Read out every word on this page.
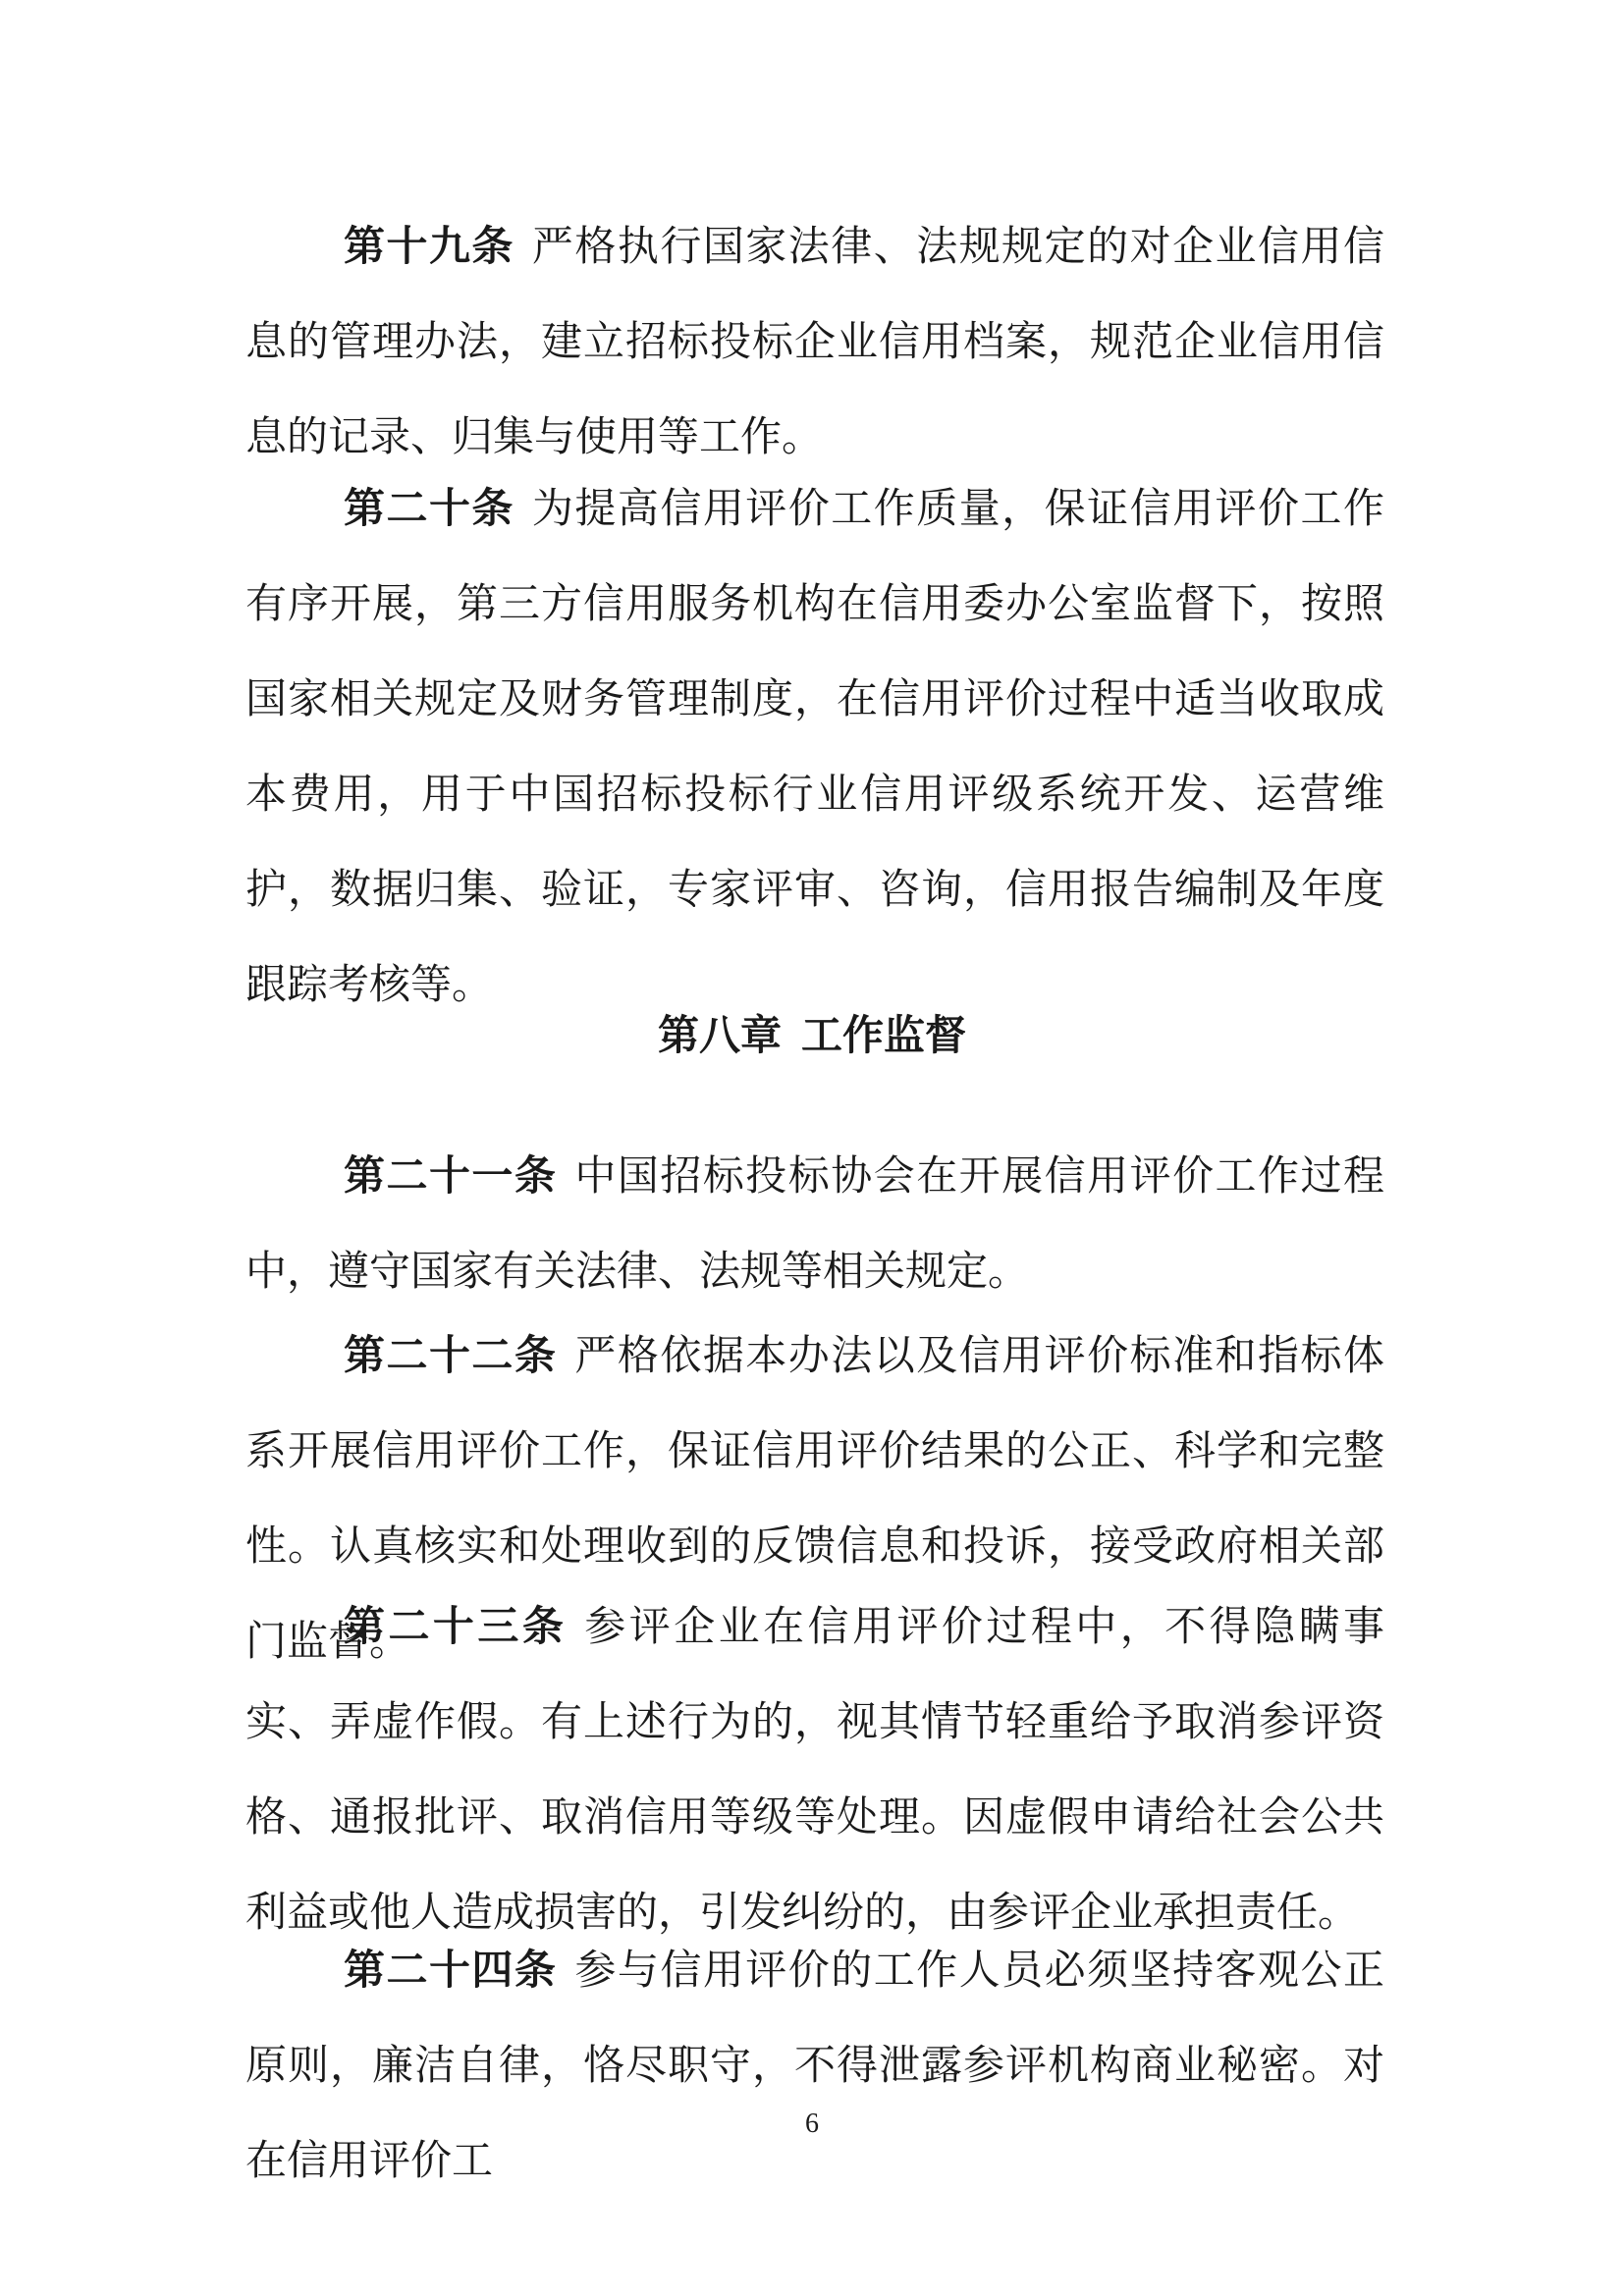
第十九条 严格执行国家法律、法规规定的对企业信用信息的管理办法，建立招标投标企业信用档案，规范企业信用信息的记录、归集与使用等工作。

第二十条 为提高信用评价工作质量，保证信用评价工作有序开展，第三方信用服务机构在信用委办公室监督下，按照国家相关规定及财务管理制度，在信用评价过程中适当收取成本费用，用于中国招标投标行业信用评级系统开发、运营维护，数据归集、验证，专家评审、咨询，信用报告编制及年度跟踪考核等。

第八章 工作监督

第二十一条 中国招标投标协会在开展信用评价工作过程中，遵守国家有关法律、法规等相关规定。

第二十二条 严格依据本办法以及信用评价标准和指标体系开展信用评价工作，保证信用评价结果的公正、科学和完整性。认真核实和处理收到的反馈信息和投诉，接受政府相关部门监督。

第二十三条 参评企业在信用评价过程中，不得隐瞒事实、弄虚作假。有上述行为的，视其情节轻重给予取消参评资格、通报批评、取消信用等级等处理。因虚假申请给社会公共利益或他人造成损害的，引发纠纷的，由参评企业承担责任。

第二十四条 参与信用评价的工作人员必须坚持客观公正原则，廉洁自律，恪尽职守，不得泄露参评机构商业秘密。对在信用评价工

6
